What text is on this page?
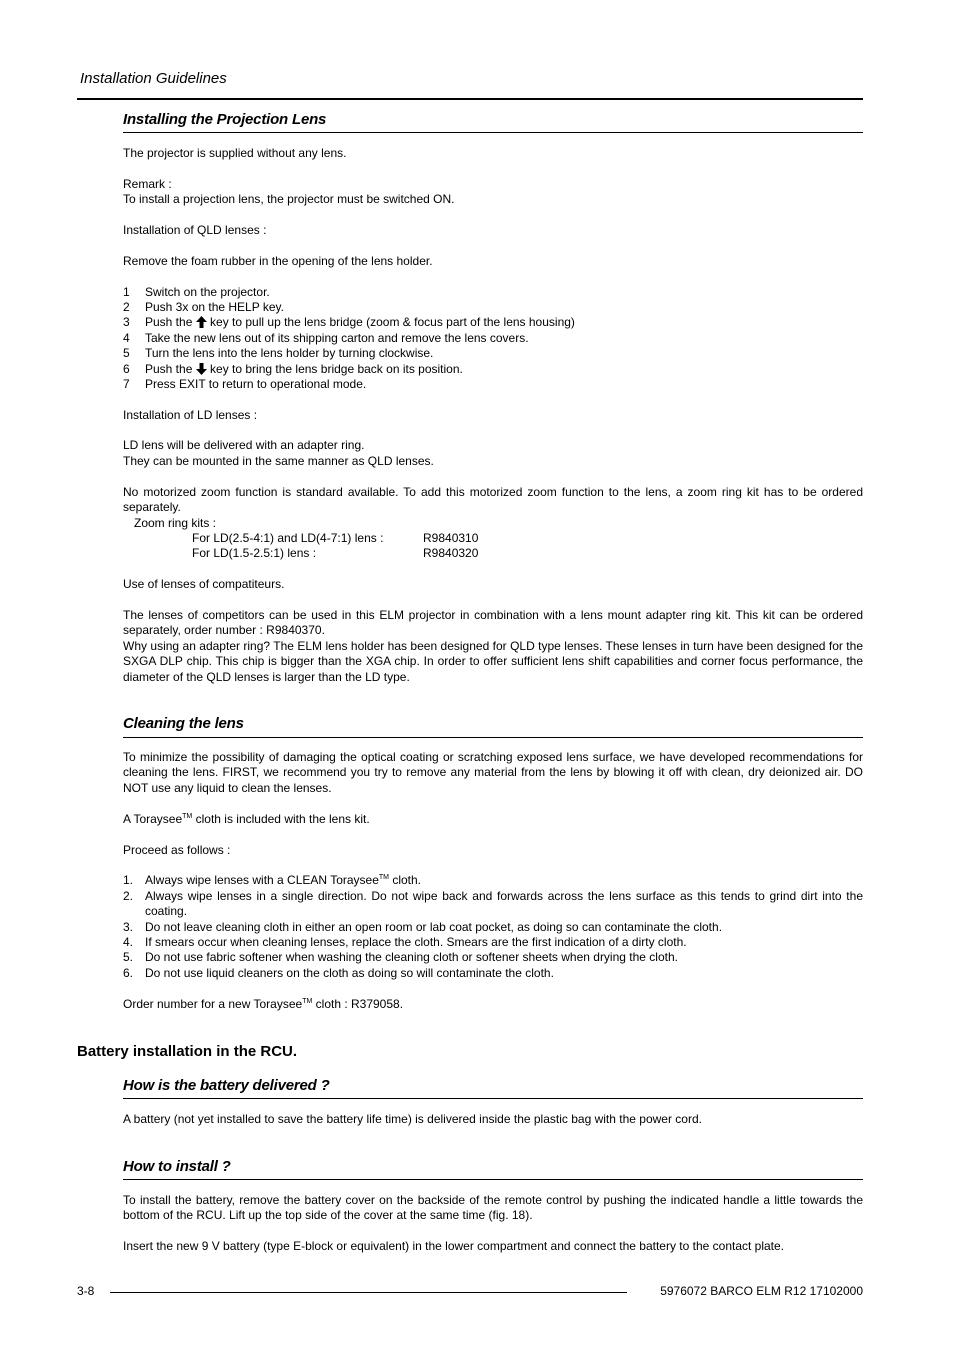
Installation Guidelines
Installing the Projection Lens
The projector is supplied without any lens.
Remark :
To install a projection lens, the projector must be switched ON.
Installation of QLD lenses :
Remove the foam rubber in the opening of the lens holder.
1 Switch on the projector.
2 Push 3x on the HELP key.
3 Push the  key to pull up the lens bridge (zoom & focus part of the lens housing)
4 Take the new lens out of its shipping carton and remove the lens covers.
5 Turn the lens into the lens holder by turning clockwise.
6 Push the  key to bring the lens bridge back on its position.
7 Press EXIT to return to operational mode.
Installation of LD lenses :
LD lens will be delivered with an adapter ring.
They can be mounted in the same manner as QLD lenses.
No motorized zoom function is standard available. To add this motorized zoom function to the lens, a zoom ring kit has to be ordered separately.
Zoom ring kits :
For LD(2.5-4:1) and LD(4-7:1) lens :	R9840310
For LD(1.5-2.5:1) lens :	R9840320
Use of lenses of compatiteurs.
The lenses of competitors can be used in this ELM projector in combination with a lens mount adapter ring kit. This kit can be ordered separately, order number : R9840370.
Why using an adapter ring? The ELM lens holder has been designed for QLD type lenses. These lenses in turn have been designed for the SXGA DLP chip. This chip is bigger than the XGA chip. In order to offer sufficient lens shift capabilities and corner focus performance, the diameter of the QLD lenses is larger than the LD type.
Cleaning the lens
To minimize the possibility of damaging the optical coating or scratching exposed lens surface, we have developed recommendations for cleaning the lens. FIRST, we recommend you try to remove any material from the lens by blowing it off with clean, dry deionized air. DO NOT use any liquid to clean the lenses.
A Toraysee™ cloth is included with the lens kit.
Proceed as follows :
1. Always wipe lenses with a CLEAN Toraysee™ cloth.
2. Always wipe lenses in a single direction. Do not wipe back and forwards across the lens surface as this tends to grind dirt into the coating.
3. Do not leave cleaning cloth in either an open room or lab coat pocket, as doing so can contaminate the cloth.
4. If smears occur when cleaning lenses, replace the cloth. Smears are the first indication of a dirty cloth.
5. Do not use fabric softener when washing the cleaning cloth or softener sheets when drying the cloth.
6. Do not use liquid cleaners on the cloth as doing so will contaminate the cloth.
Order number for a new Toraysee™ cloth : R379058.
Battery installation in the RCU.
How is the battery delivered ?
A battery (not yet installed to save the battery life time) is delivered inside the plastic bag with the power cord.
How to install ?
To install the battery, remove the battery cover on the backside of the remote control by pushing the indicated handle a little towards the bottom of the RCU. Lift up the top side of the cover at the same time (fig. 18).
Insert the new 9 V battery (type E-block or equivalent) in the lower compartment and connect the battery to the contact plate.
3-8	5976072 BARCO ELM R12 17102000
